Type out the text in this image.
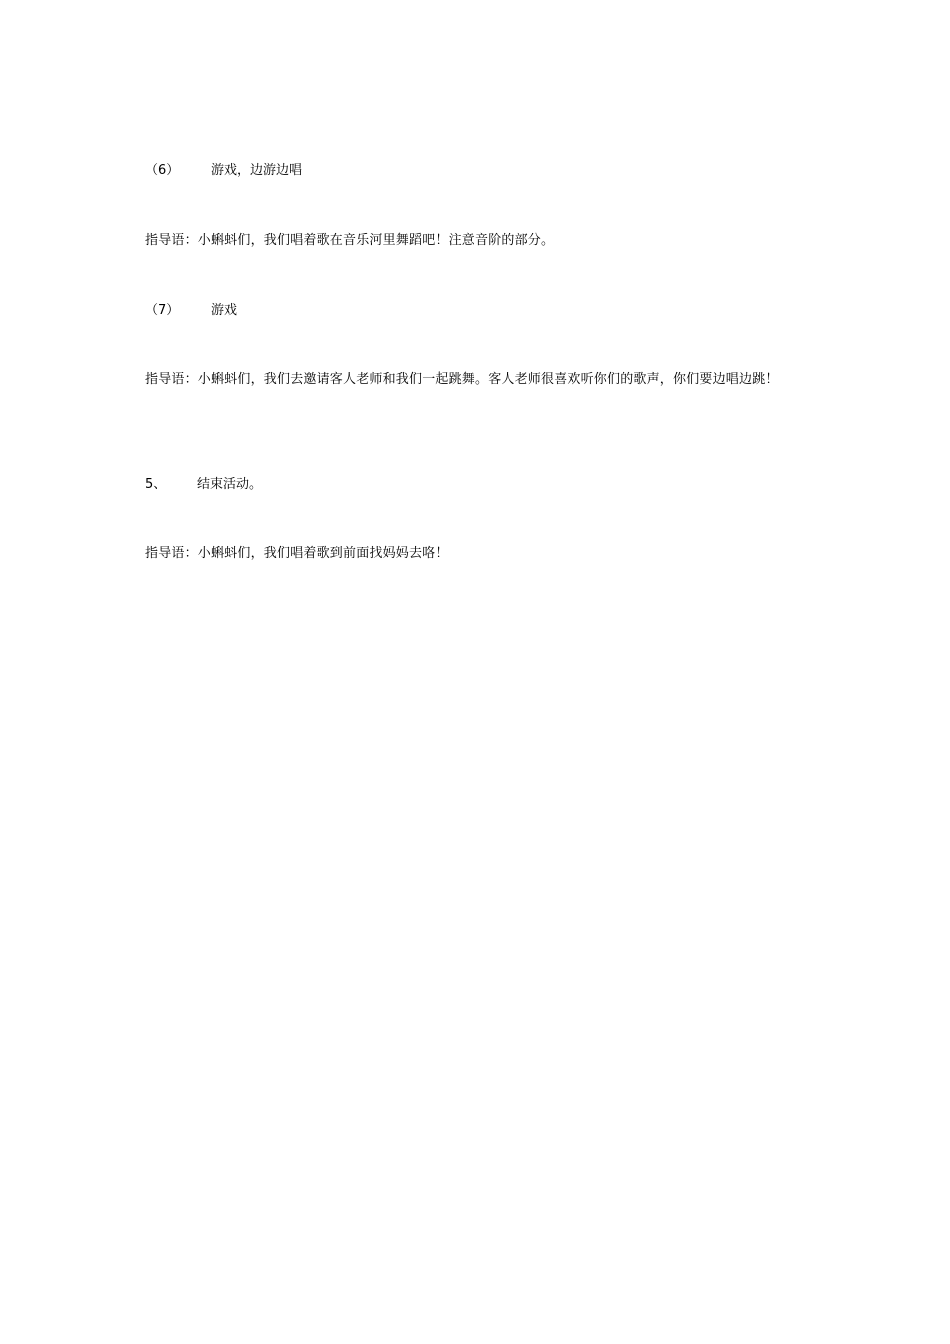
（6） 游戏，边游边唱
指导语：小蝌蚪们，我们唱着歌在音乐河里舞蹈吧！注意音阶的部分。
（7） 游戏
指导语：小蝌蚪们，我们去邀请客人老师和我们一起跳舞。客人老师很喜欢听你们的歌声，你们要边唱边跳！
5、 结束活动。
指导语：小蝌蚪们，我们唱着歌到前面找妈妈去咯！
